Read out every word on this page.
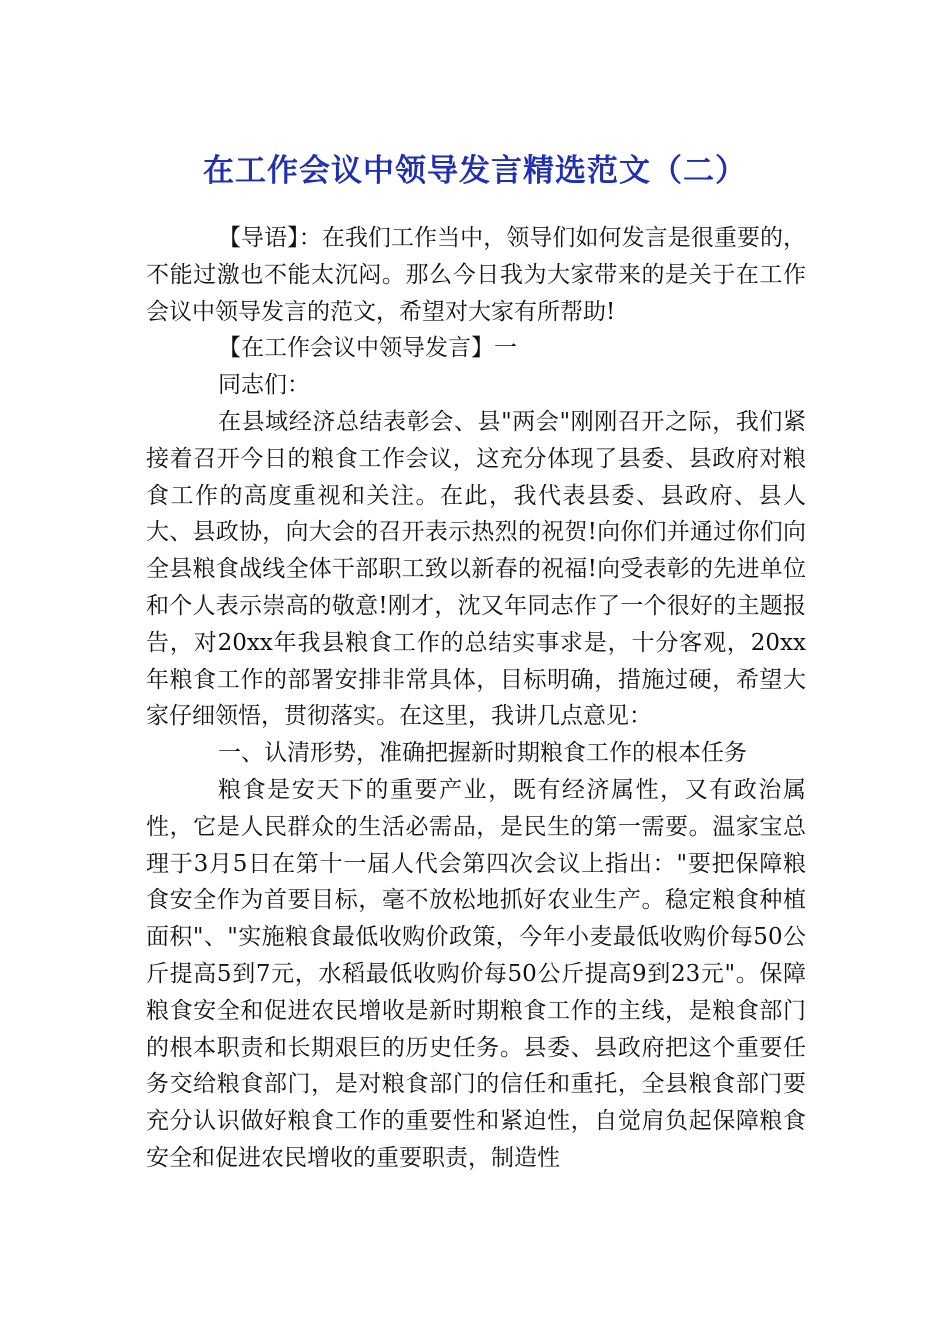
在工作会议中领导发言精选范文（二）

【导语】：在我们工作当中，领导们如何发言是很重要的，不能过激也不能太沉闷。那么今日我为大家带来的是关于在工作会议中领导发言的范文，希望对大家有所帮助!

【在工作会议中领导发言】一

同志们：

在县域经济总结表彰会、县"两会"刚刚召开之际，我们紧接着召开今日的粮食工作会议，这充分体现了县委、县政府对粮食工作的高度重视和关注。在此，我代表县委、县政府、县人大、县政协，向大会的召开表示热烈的祝贺!向你们并通过你们向全县粮食战线全体干部职工致以新春的祝福!向受表彰的先进单位和个人表示崇高的敬意!刚才，沈又年同志作了一个很好的主题报告，对20xx年我县粮食工作的总结实事求是，十分客观，20xx年粮食工作的部署安排非常具体，目标明确，措施过硬，希望大家仔细领悟，贯彻落实。在这里，我讲几点意见：

一、认清形势，准确把握新时期粮食工作的根本任务

粮食是安天下的重要产业，既有经济属性，又有政治属性，它是人民群众的生活必需品，是民生的第一需要。温家宝总理于3月5日在第十一届人代会第四次会议上指出："要把保障粮食安全作为首要目标，毫不放松地抓好农业生产。稳定粮食种植面积"、"实施粮食最低收购价政策，今年小麦最低收购价每50公斤提高5到7元，水稻最低收购价每50公斤提高9到23元"。保障粮食安全和促进农民增收是新时期粮食工作的主线，是粮食部门的根本职责和长期艰巨的历史任务。县委、县政府把这个重要任务交给粮食部门，是对粮食部门的信任和重托，全县粮食部门要充分认识做好粮食工作的重要性和紧迫性，自觉肩负起保障粮食安全和促进农民增收的重要职责，制造性
